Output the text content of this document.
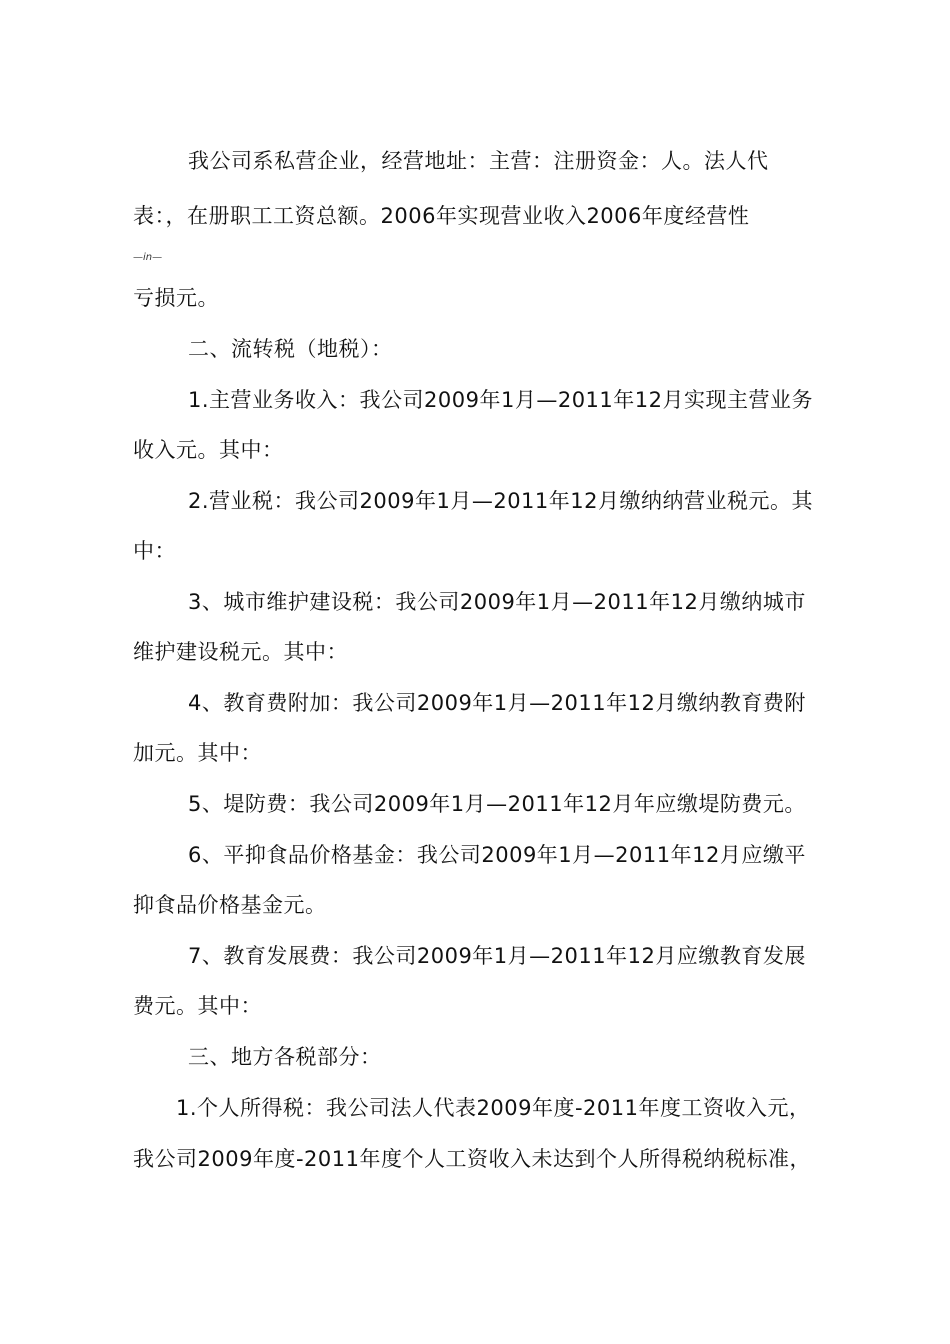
我公司系私营企业，经营地址：主营：注册资金：人。法人代
表：，在册职工工资总额。2006年实现营业收入2006年度经营性
—in—
亏损元。
二、流转税（地税）：
1.主营业务收入：我公司2009年1月—2011年12月实现主营业务
收入元。其中：
2.营业税：我公司2009年1月—2011年12月缴纳纳营业税元。其
中：
3、城市维护建设税：我公司2009年1月—2011年12月缴纳城市
维护建设税元。其中：
4、教育费附加：我公司2009年1月—2011年12月缴纳教育费附
加元。其中：
5、堤防费：我公司2009年1月—2011年12月年应缴堤防费元。
6、平抑食品价格基金：我公司2009年1月—2011年12月应缴平
抑食品价格基金元。
7、教育发展费：我公司2009年1月—2011年12月应缴教育发展
费元。其中：
三、地方各税部分：
1.个人所得税：我公司法人代表2009年度-2011年度工资收入元，
我公司2009年度-2011年度个人工资收入未达到个人所得税纳税标准，
